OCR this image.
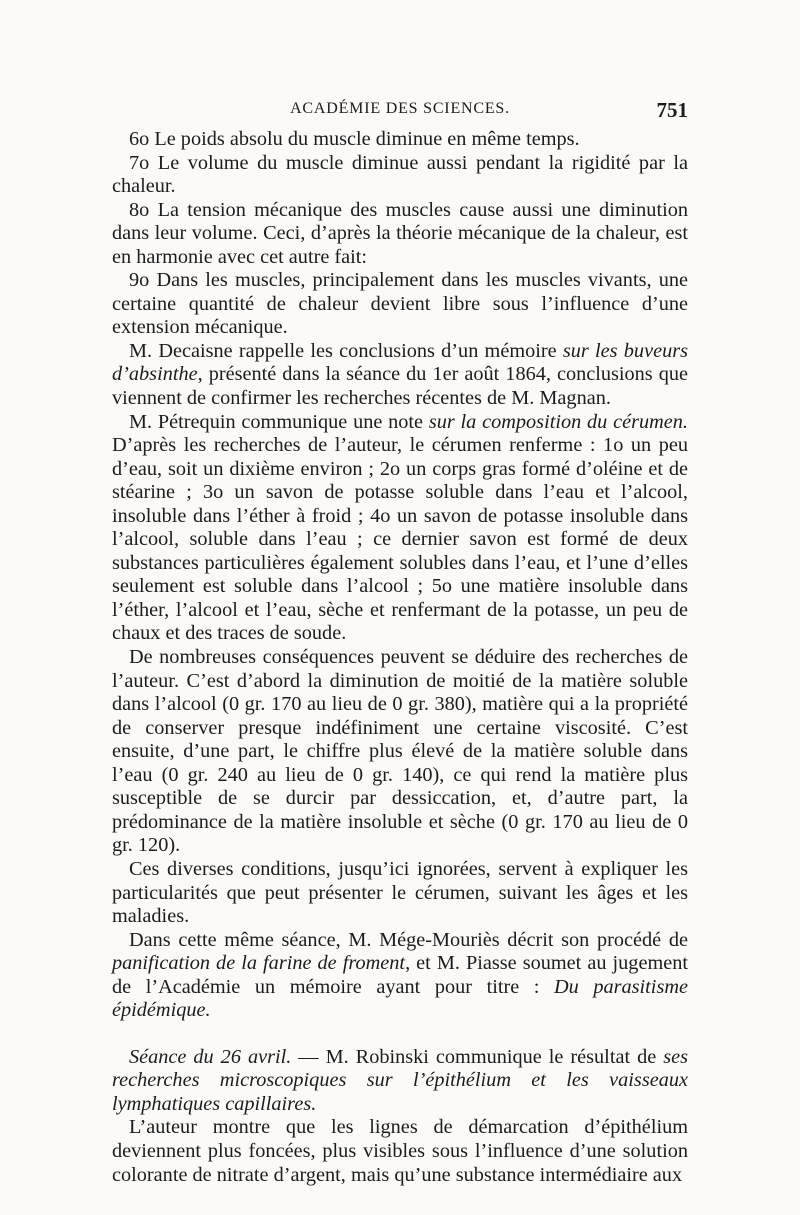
ACADÉMIE DES SCIENCES.	751

6o Le poids absolu du muscle diminue en même temps.

7o Le volume du muscle diminue aussi pendant la rigidité par la chaleur.

8o La tension mécanique des muscles cause aussi une diminution dans leur volume. Ceci, d’après la théorie mécanique de la chaleur, est en harmonie avec cet autre fait:

9o Dans les muscles, principalement dans les muscles vivants, une certaine quantité de chaleur devient libre sous l’influence d’une extension mécanique.

M. Decaisne rappelle les conclusions d’un mémoire sur les buveurs d’absinthe, présenté dans la séance du 1er août 1864, conclusions que viennent de confirmer les recherches récentes de M. Magnan.

M. Pétrequin communique une note sur la composition du cérumen. D’après les recherches de l’auteur, le cérumen renferme : 1o un peu d’eau, soit un dixième environ ; 2o un corps gras formé d’oléine et de stéarine ; 3o un savon de potasse soluble dans l’eau et l’alcool, insoluble dans l’éther à froid ; 4o un savon de potasse insoluble dans l’alcool, soluble dans l’eau ; ce dernier savon est formé de deux substances particulières également solubles dans l’eau, et l’une d’elles seulement est soluble dans l’alcool ; 5o une matière insoluble dans l’éther, l’alcool et l’eau, sèche et renfermant de la potasse, un peu de chaux et des traces de soude.

De nombreuses conséquences peuvent se déduire des recherches de l’auteur. C’est d’abord la diminution de moitié de la matière soluble dans l’alcool (0 gr. 170 au lieu de 0 gr. 380), matière qui a la propriété de conserver presque indéfiniment une certaine viscosité. C’est ensuite, d’une part, le chiffre plus élevé de la matière soluble dans l’eau (0 gr. 240 au lieu de 0 gr. 140), ce qui rend la matière plus susceptible de se durcir par dessiccation, et, d’autre part, la prédominance de la matière insoluble et sèche (0 gr. 170 au lieu de 0 gr. 120).

Ces diverses conditions, jusqu’ici ignorées, servent à expliquer les particularités que peut présenter le cérumen, suivant les âges et les maladies.

Dans cette même séance, M. Mége-Mouriès décrit son procédé de panification de la farine de froment, et M. Piasse soumet au jugement de l’Académie un mémoire ayant pour titre : Du parasitisme épidémique.

Séance du 26 avril. — M. Robinski communique le résultat de ses recherches microscopiques sur l’épithélium et les vaisseaux lymphatiques capillaires.

L’auteur montre que les lignes de démarcation d’épithélium deviennent plus foncées, plus visibles sous l’influence d’une solution colorante de nitrate d’argent, mais qu’une substance intermédiaire aux
